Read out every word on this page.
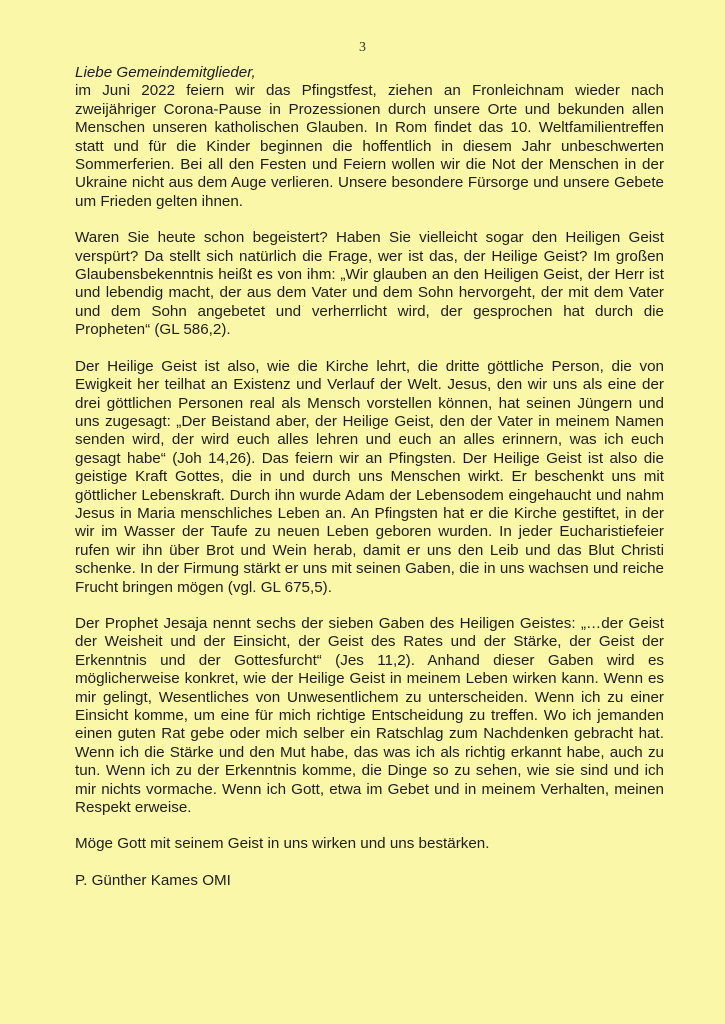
3

Liebe Gemeindemitglieder,

im Juni 2022 feiern wir das Pfingstfest, ziehen an Fronleichnam wieder nach zweijähriger Corona-Pause in Prozessionen durch unsere Orte und bekunden allen Menschen unseren katholischen Glauben. In Rom findet das 10. Weltfamilientreffen statt und für die Kinder beginnen die hoffentlich in diesem Jahr unbeschwerten Sommerferien. Bei all den Festen und Feiern wollen wir die Not der Menschen in der Ukraine nicht aus dem Auge verlieren. Unsere besondere Fürsorge und unsere Gebete um Frieden gelten ihnen.

Waren Sie heute schon begeistert? Haben Sie vielleicht sogar den Heiligen Geist verspürt? Da stellt sich natürlich die Frage, wer ist das, der Heilige Geist? Im großen Glaubensbekenntnis heißt es von ihm: „Wir glauben an den Heiligen Geist, der Herr ist und lebendig macht, der aus dem Vater und dem Sohn hervorgeht, der mit dem Vater und dem Sohn angebetet und verherrlicht wird, der gesprochen hat durch die Propheten“ (GL 586,2).

Der Heilige Geist ist also, wie die Kirche lehrt, die dritte göttliche Person, die von Ewigkeit her teilhat an Existenz und Verlauf der Welt. Jesus, den wir uns als eine der drei göttlichen Personen real als Mensch vorstellen können, hat seinen Jüngern und uns zugesagt: „Der Beistand aber, der Heilige Geist, den der Vater in meinem Namen senden wird, der wird euch alles lehren und euch an alles erinnern, was ich euch gesagt habe“ (Joh 14,26). Das feiern wir an Pfingsten. Der Heilige Geist ist also die geistige Kraft Gottes, die in und durch uns Menschen wirkt. Er beschenkt uns mit göttlicher Lebenskraft. Durch ihn wurde Adam der Lebensodem eingehaucht und nahm Jesus in Maria menschliches Leben an. An Pfingsten hat er die Kirche gestiftet, in der wir im Wasser der Taufe zu neuen Leben geboren wurden. In jeder Eucharistiefeier rufen wir ihn über Brot und Wein herab, damit er uns den Leib und das Blut Christi schenke. In der Firmung stärkt er uns mit seinen Gaben, die in uns wachsen und reiche Frucht bringen mögen (vgl. GL 675,5).

Der Prophet Jesaja nennt sechs der sieben Gaben des Heiligen Geistes: „…der Geist der Weisheit und der Einsicht, der Geist des Rates und der Stärke, der Geist der Erkenntnis und der Gottesfurcht“ (Jes 11,2). Anhand dieser Gaben wird es möglicherweise konkret, wie der Heilige Geist in meinem Leben wirken kann. Wenn es mir gelingt, Wesentliches von Unwesentlichem zu unterscheiden. Wenn ich zu einer Einsicht komme, um eine für mich richtige Entscheidung zu treffen. Wo ich jemanden einen guten Rat gebe oder mich selber ein Ratschlag zum Nachdenken gebracht hat. Wenn ich die Stärke und den Mut habe, das was ich als richtig erkannt habe, auch zu tun. Wenn ich zu der Erkenntnis komme, die Dinge so zu sehen, wie sie sind und ich mir nichts vormache. Wenn ich Gott, etwa im Gebet und in meinem Verhalten, meinen Respekt erweise.

Möge Gott mit seinem Geist in uns wirken und uns bestärken.

P. Günther Kames OMI
